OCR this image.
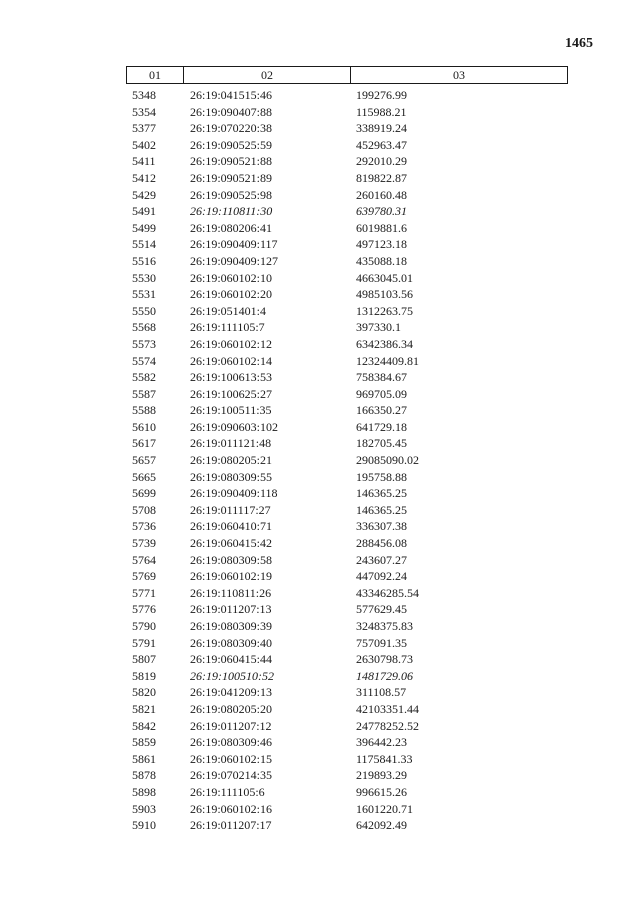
1465
01	02	03
5348	26:19:041515:46	199276.99
5354	26:19:090407:88	115988.21
5377	26:19:070220:38	338919.24
5402	26:19:090525:59	452963.47
5411	26:19:090521:88	292010.29
5412	26:19:090521:89	819822.87
5429	26:19:090525:98	260160.48
5491	26:19:110811:30	639780.31
5499	26:19:080206:41	6019881.6
5514	26:19:090409:117	497123.18
5516	26:19:090409:127	435088.18
5530	26:19:060102:10	4663045.01
5531	26:19:060102:20	4985103.56
5550	26:19:051401:4	1312263.75
5568	26:19:111105:7	397330.1
5573	26:19:060102:12	6342386.34
5574	26:19:060102:14	12324409.81
5582	26:19:100613:53	758384.67
5587	26:19:100625:27	969705.09
5588	26:19:100511:35	166350.27
5610	26:19:090603:102	641729.18
5617	26:19:011121:48	182705.45
5657	26:19:080205:21	29085090.02
5665	26:19:080309:55	195758.88
5699	26:19:090409:118	146365.25
5708	26:19:011117:27	146365.25
5736	26:19:060410:71	336307.38
5739	26:19:060415:42	288456.08
5764	26:19:080309:58	243607.27
5769	26:19:060102:19	447092.24
5771	26:19:110811:26	43346285.54
5776	26:19:011207:13	577629.45
5790	26:19:080309:39	3248375.83
5791	26:19:080309:40	757091.35
5807	26:19:060415:44	2630798.73
5819	26:19:100510:52	1481729.06
5820	26:19:041209:13	311108.57
5821	26:19:080205:20	42103351.44
5842	26:19:011207:12	24778252.52
5859	26:19:080309:46	396442.23
5861	26:19:060102:15	1175841.33
5878	26:19:070214:35	219893.29
5898	26:19:111105:6	996615.26
5903	26:19:060102:16	1601220.71
5910	26:19:011207:17	642092.49
